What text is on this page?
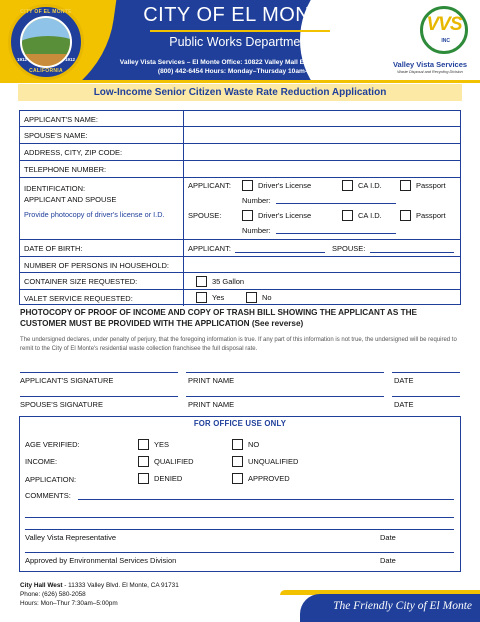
CITY OF EL MONTE
1912	1912
CALIFORNIA
CITY OF EL MONTE
Public Works Department
Valley Vista Services – El Monte Office: 10822 Valley Mall El Monte, CA 91731
(800) 442-6454 Hours: Monday–Thursday 10am–4pm
VVS
INC
Valley Vista Services
Waste Disposal and Recycling Division
Low-Income Senior Citizen Waste Rate Reduction Application
APPLICANT'S NAME:
SPOUSE'S NAME:
ADDRESS, CITY, ZIP CODE:
TELEPHONE NUMBER:
IDENTIFICATION:
APPLICANT AND SPOUSE
Provide photocopy of driver's license or I.D.
APPLICANT:	Driver's License	CA I.D.	Passport
Number:
SPOUSE:	Driver's License	CA I.D.	Passport
Number:
DATE OF BIRTH:	APPLICANT:	SPOUSE:
NUMBER OF PERSONS IN HOUSEHOLD:
CONTAINER SIZE REQUESTED:	35 Gallon
VALET SERVICE REQUESTED:	Yes	No
PHOTOCOPY OF PROOF OF INCOME AND COPY OF TRASH BILL SHOWING THE APPLICANT AS THE CUSTOMER MUST BE PROVIDED WITH THE APPLICATION (See reverse)
The undersigned declares, under penalty of perjury, that the foregoing information is true. If any part of this information is not true, the undersigned will be required to remit to the City of El Monte's residential waste collection franchisee the full disposal rate.
APPLICANT'S SIGNATURE	PRINT NAME	DATE
SPOUSE'S SIGNATURE	PRINT NAME	DATE
FOR OFFICE USE ONLY
AGE VERIFIED:	YES	NO
INCOME:	QUALIFIED	UNQUALIFIED
APPLICATION:	DENIED	APPROVED
COMMENTS:
Valley Vista Representative	Date
Approved by Environmental Services Division	Date
The Friendly City of El Monte
City Hall West - 11333 Valley Blvd. El Monte, CA 91731
Phone: (626) 580-2058
Hours: Mon–Thur 7:30am–5:00pm
